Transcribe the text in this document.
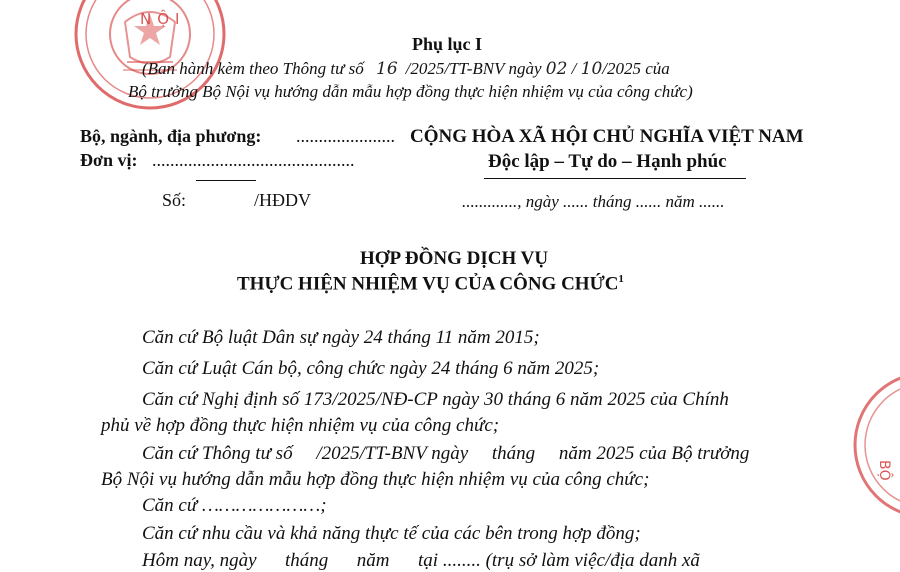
NỘI
BỘ
Phụ lục I
(Ban hành kèm theo Thông tư số 16 /2025/TT-BNV ngày 02 / 10/2025 của
Bộ trưởng Bộ Nội vụ hướng dẫn mẫu hợp đồng thực hiện nhiệm vụ của công chức)
Bộ, ngành, địa phương: ......................
Đơn vị: .............................................
Số:	/HĐDV
CỘNG HÒA XÃ HỘI CHỦ NGHĨA VIỆT NAM
Độc lập – Tự do – Hạnh phúc
............., ngày ...... tháng ...... năm ......
HỢP ĐỒNG DỊCH VỤ
THỰC HIỆN NHIỆM VỤ CỦA CÔNG CHỨC$^1$
Căn cứ Bộ luật Dân sự ngày 24 tháng 11 năm 2015;
Căn cứ Luật Cán bộ, công chức ngày 24 tháng 6 năm 2025;
Căn cứ Nghị định số 173/2025/NĐ-CP ngày 30 tháng 6 năm 2025 của Chính
phủ về hợp đồng thực hiện nhiệm vụ của công chức;
Căn cứ Thông tư số     /2025/TT-BNV ngày     tháng     năm 2025 của Bộ trưởng
Bộ Nội vụ hướng dẫn mẫu hợp đồng thực hiện nhiệm vụ của công chức;
Căn cứ …………………;
Căn cứ nhu cầu và khả năng thực tế của các bên trong hợp đồng;
Hôm nay, ngày      tháng      năm      tại ........ (trụ sở làm việc/địa danh xã
